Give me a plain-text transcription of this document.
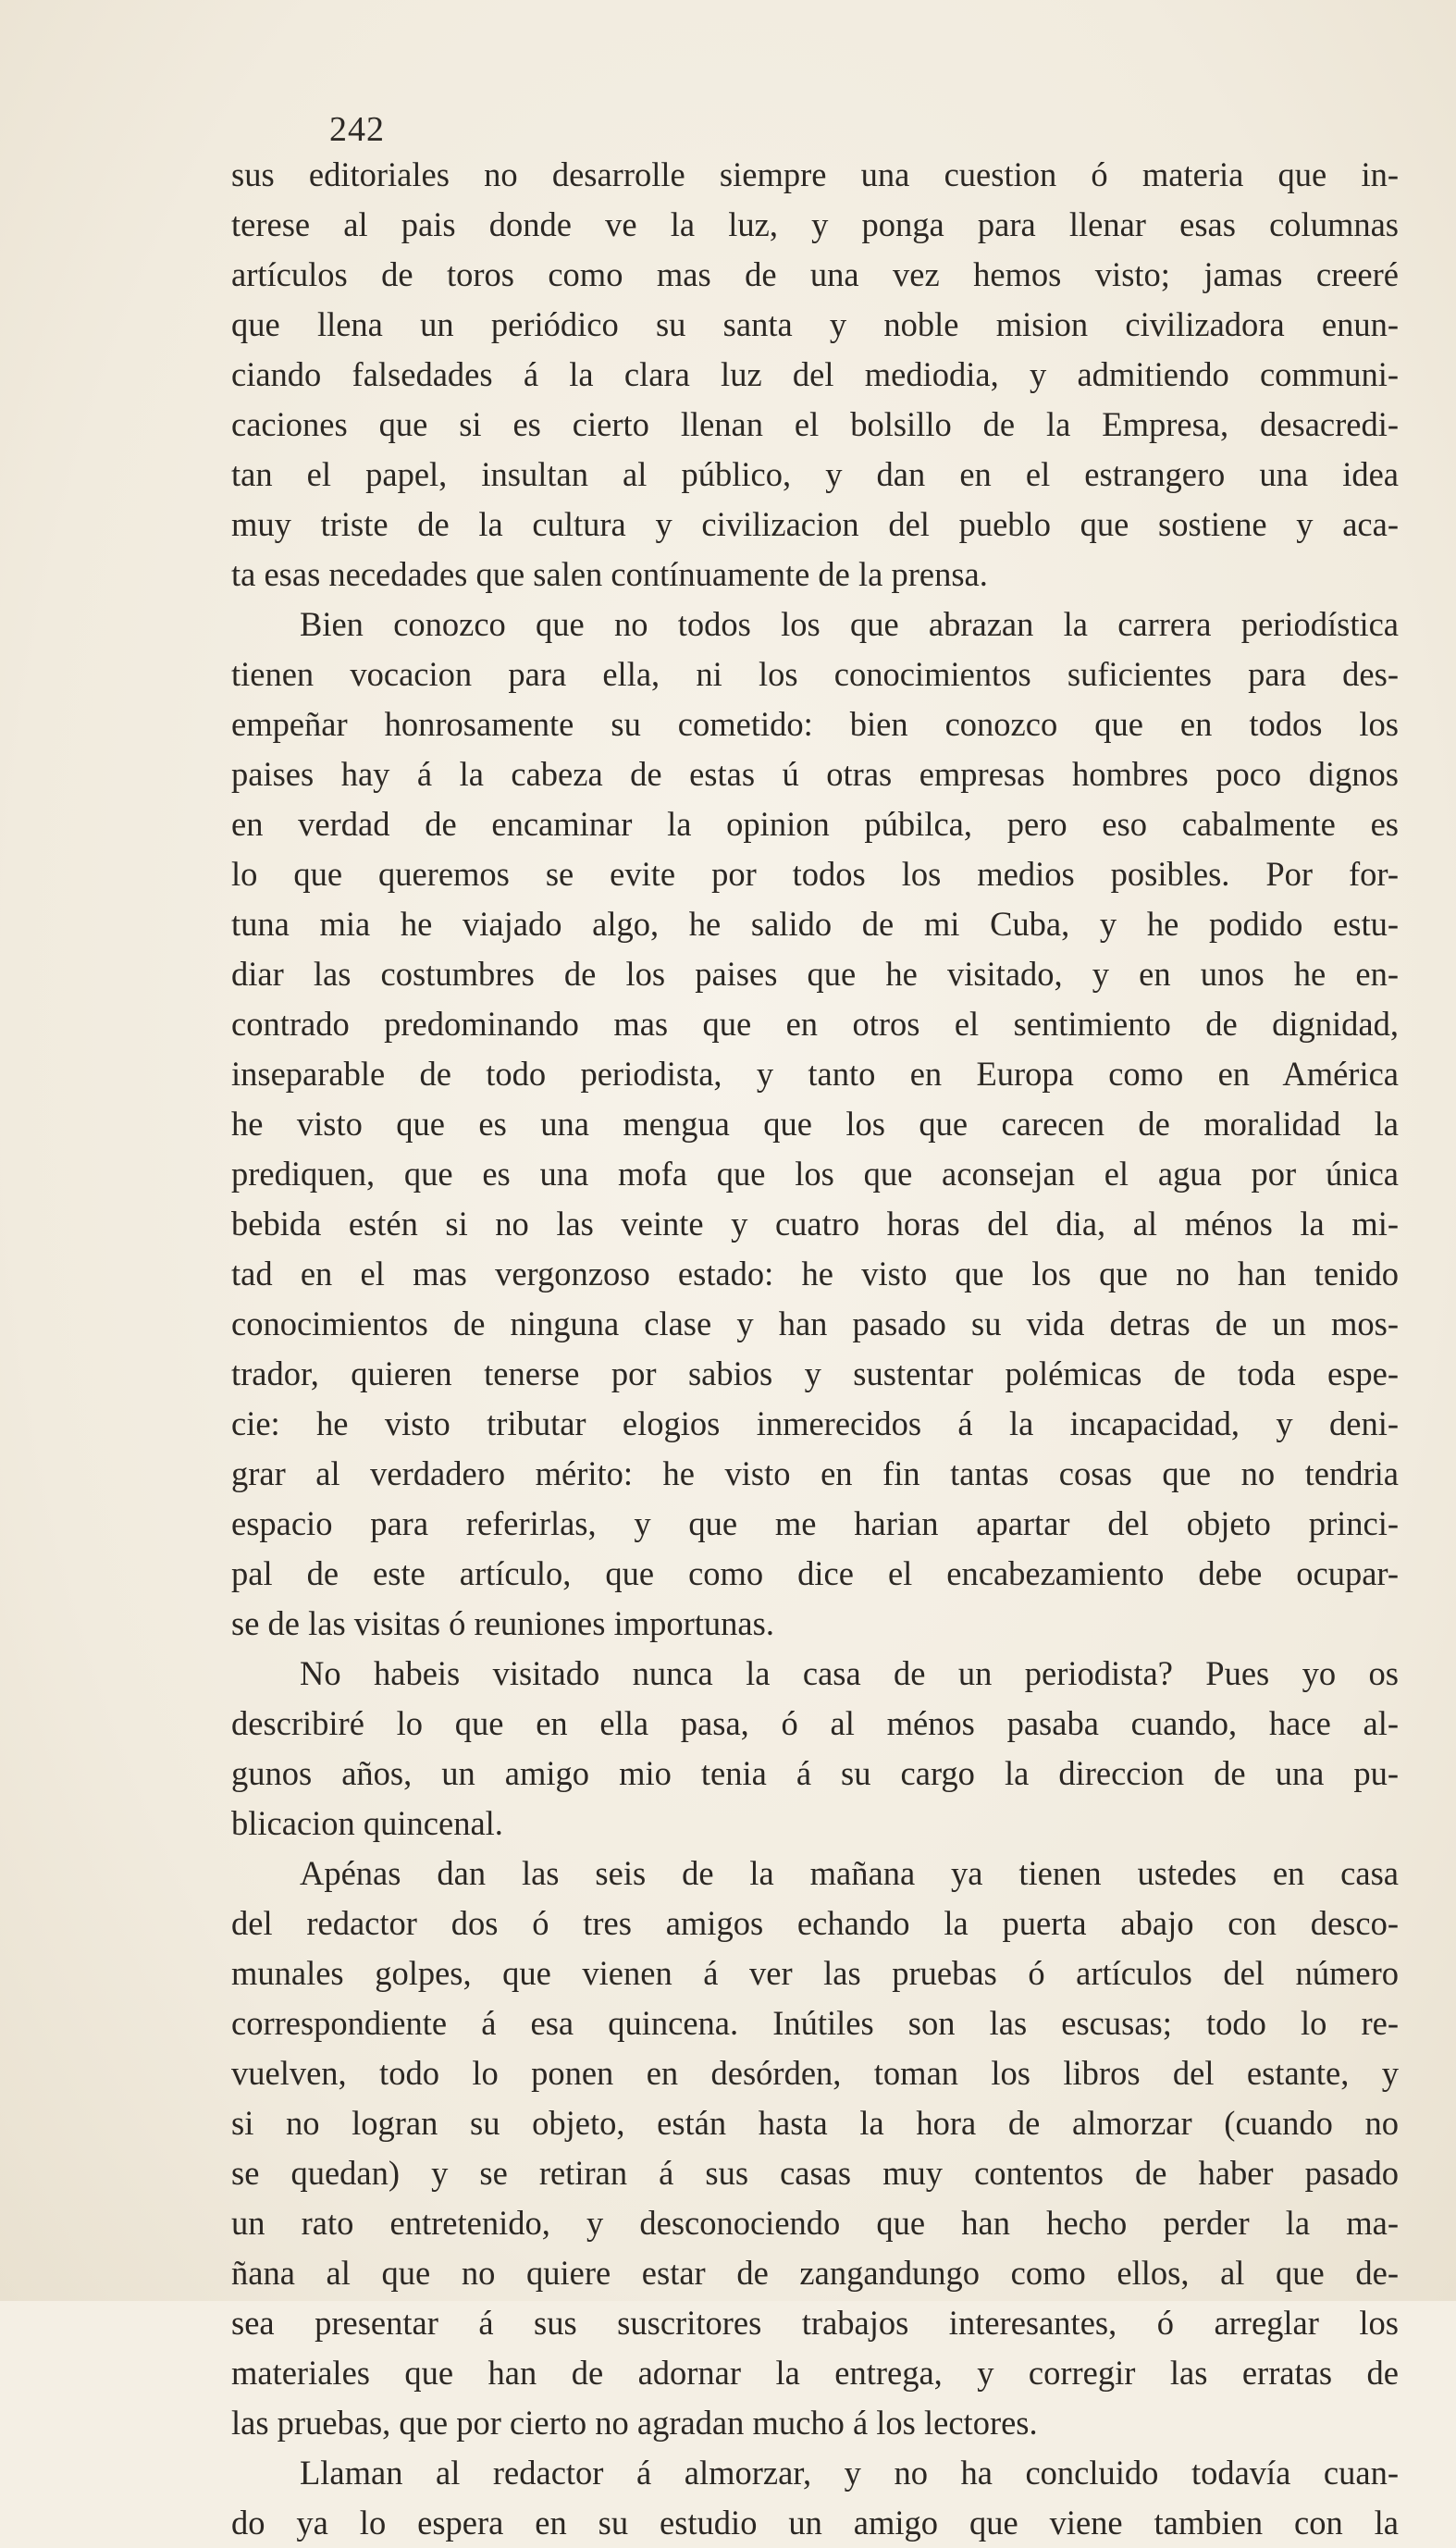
242
sus editoriales no desarrolle siempre una cuestion ó materia que in-
terese al pais donde ve la luz, y ponga para llenar esas columnas
artículos de toros como mas de una vez hemos visto; jamas creeré
que llena un periódico su santa y noble mision civilizadora enun-
ciando falsedades á la clara luz del mediodia, y admitiendo communi-
caciones que si es cierto llenan el bolsillo de la Empresa, desacredi-
tan el papel, insultan al público, y dan en el estrangero una idea
muy triste de la cultura y civilizacion del pueblo que sostiene y aca-
ta esas necedades que salen contínuamente de la prensa.
Bien conozco que no todos los que abrazan la carrera periodística
tienen vocacion para ella, ni los conocimientos suficientes para des-
empeñar honrosamente su cometido: bien conozco que en todos los
paises hay á la cabeza de estas ú otras empresas hombres poco dignos
en verdad de encaminar la opinion púbilca, pero eso cabalmente es
lo que queremos se evite por todos los medios posibles. Por for-
tuna mia he viajado algo, he salido de mi Cuba, y he podido estu-
diar las costumbres de los paises que he visitado, y en unos he en-
contrado predominando mas que en otros el sentimiento de dignidad,
inseparable de todo periodista, y tanto en Europa como en América
he visto que es una mengua que los que carecen de moralidad la
prediquen, que es una mofa que los que aconsejan el agua por única
bebida estén si no las veinte y cuatro horas del dia, al ménos la mi-
tad en el mas vergonzoso estado: he visto que los que no han tenido
conocimientos de ninguna clase y han pasado su vida detras de un mos-
trador, quieren tenerse por sabios y sustentar polémicas de toda espe-
cie: he visto tributar elogios inmerecidos á la incapacidad, y deni-
grar al verdadero mérito: he visto en fin tantas cosas que no tendria
espacio para referirlas, y que me harian apartar del objeto princi-
pal de este artículo, que como dice el encabezamiento debe ocupar-
se de las visitas ó reuniones importunas.
No habeis visitado nunca la casa de un periodista? Pues yo os
describiré lo que en ella pasa, ó al ménos pasaba cuando, hace al-
gunos años, un amigo mio tenia á su cargo la direccion de una pu-
blicacion quincenal.
Apénas dan las seis de la mañana ya tienen ustedes en casa
del redactor dos ó tres amigos echando la puerta abajo con desco-
munales golpes, que vienen á ver las pruebas ó artículos del número
correspondiente á esa quincena. Inútiles son las escusas; todo lo re-
vuelven, todo lo ponen en desórden, toman los libros del estante, y
si no logran su objeto, están hasta la hora de almorzar (cuando no
se quedan) y se retiran á sus casas muy contentos de haber pasado
un rato entretenido, y desconociendo que han hecho perder la ma-
ñana al que no quiere estar de zangandungo como ellos, al que de-
sea presentar á sus suscritores trabajos interesantes, ó arreglar los
materiales que han de adornar la entrega, y corregir las erratas de
las pruebas, que por cierto no agradan mucho á los lectores.
Llaman al redactor á almorzar, y no ha concluido todavía cuan-
do ya lo espera en su estudio un amigo que viene tambien con la
